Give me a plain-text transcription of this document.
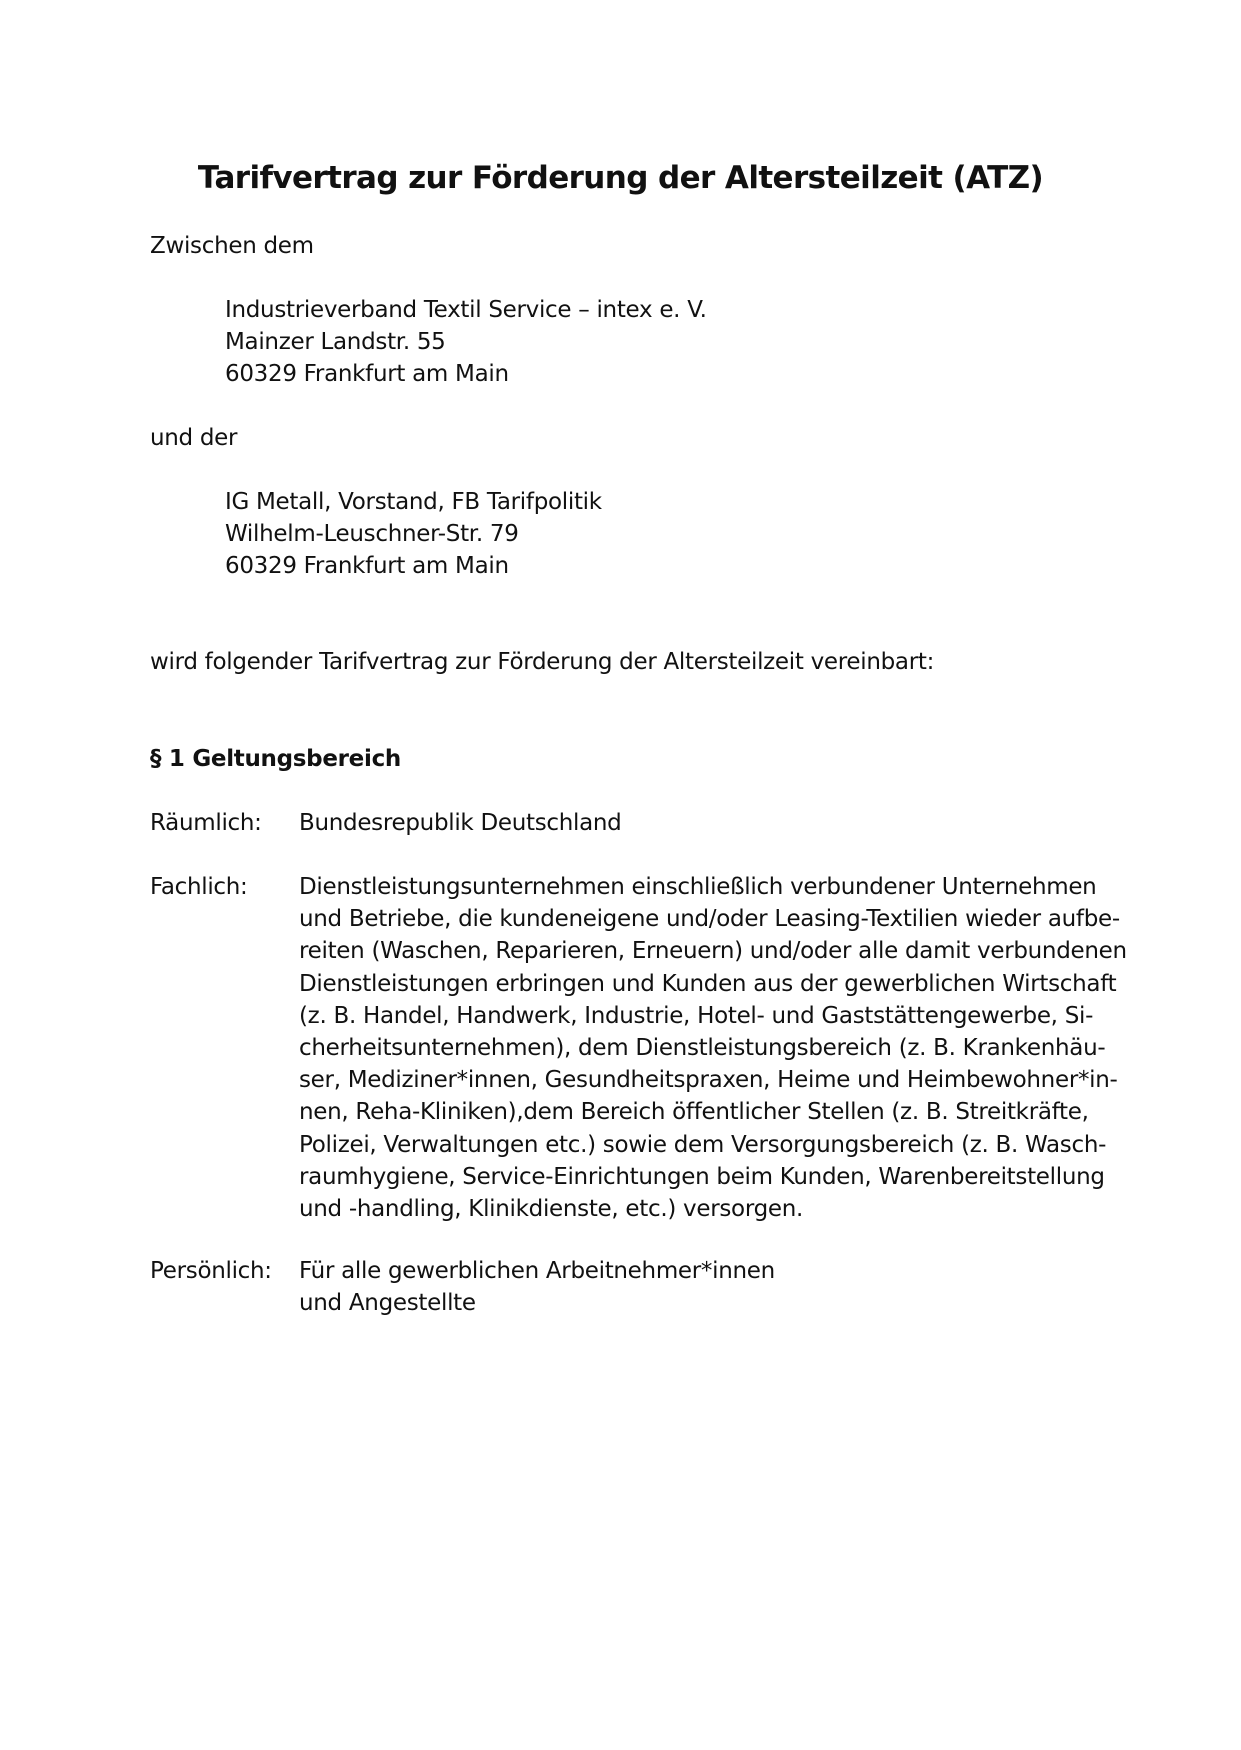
Tarifvertrag zur Förderung der Altersteilzeit (ATZ)
Zwischen dem
Industrieverband Textil Service – intex e. V.
Mainzer Landstr. 55
60329 Frankfurt am Main
und der
IG Metall, Vorstand, FB Tarifpolitik
Wilhelm-Leuschner-Str. 79
60329 Frankfurt am Main
wird folgender Tarifvertrag zur Förderung der Altersteilzeit vereinbart:
§ 1 Geltungsbereich
Räumlich: Bundesrepublik Deutschland
Fachlich: Dienstleistungsunternehmen einschließlich verbundener Unternehmen
und Betriebe, die kundeneigene und/oder Leasing-Textilien wieder aufbe-
reiten (Waschen, Reparieren, Erneuern) und/oder alle damit verbundenen
Dienstleistungen erbringen und Kunden aus der gewerblichen Wirtschaft
(z. B. Handel, Handwerk, Industrie, Hotel- und Gaststättengewerbe, Si-
cherheitsunternehmen), dem Dienstleistungsbereich (z. B. Krankenhäu-
ser, Mediziner*innen, Gesundheitspraxen, Heime und Heimbewohner*in-
nen, Reha-Kliniken),dem Bereich öffentlicher Stellen (z. B. Streitkräfte,
Polizei, Verwaltungen etc.) sowie dem Versorgungsbereich (z. B. Wasch-
raumhygiene, Service-Einrichtungen beim Kunden, Warenbereitstellung
und -handling, Klinikdienste, etc.) versorgen.
Persönlich: Für alle gewerblichen Arbeitnehmer*innen
und Angestellte
